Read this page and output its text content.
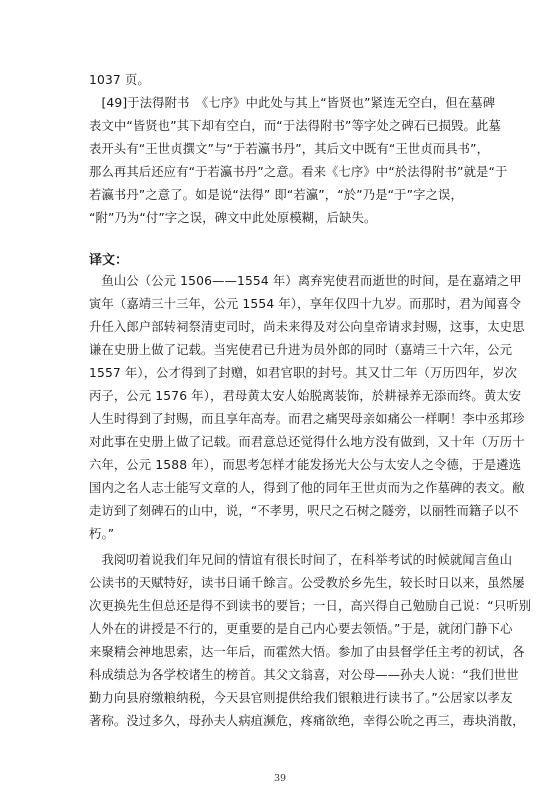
1037 页。
　[49]于法得附书　《七序》中此处与其上“皆贤也”紧连无空白，但在墓碑
表文中“皆贤也”其下却有空白，而“于法得附书”等字处之碑石已损毁。此墓
表开头有“王世贞撰文”与“于若瀛书丹”，其后文中既有“王世贞而具书”，
那么再其后还应有“于若瀛书丹”之意。看来《七序》中“於法得附书”就是“于
若瀛书丹”之意了。如是说“法得” 即“若瀛”，“於”乃是“于”字之误，
“附”乃为“付”字之误，碑文中此处原模糊，后缺失。
译文：
　鱼山公（公元 1506——1554 年）离弃宪使君而逝世的时间，是在嘉靖之甲
寅年（嘉靖三十三年，公元 1554 年），享年仅四十九岁。而那时，君为闻喜令
升任入郎户部转祠祭清吏司时，尚未来得及对公向皇帝请求封赐，这事，太史思
谦在史册上做了记载。当宪使君已升进为员外郎的同时（嘉靖三十六年，公元
1557 年），公才得到了封赠，如君官职的封号。其又廿二年（万历四年，岁次
丙子，公元 1576 年），君母黄太安人始脱离装饰，於耕禄养无添而终。黄太安
人生时得到了封赐，而且享年高寿。而君之痛哭母亲如痛公一样啊！李中丞邦珍
对此事在史册上做了记载。而君意总还觉得什么地方没有做到，又十年（万历十
六年，公元 1588 年），而思考怎样才能发扬光大公与太安人之令德，于是遴选
国内之名人志士能写文章的人，得到了他的同年王世贞而为之作墓碑的表文。敝
走访到了刻碑石的山中，说，“不孝男，呎尺之石树之隧旁，以丽牲而籍子以不
朽。”
　我阅叨着说我们年兄间的情谊有很长时间了，在科举考试的时候就闻言鱼山
公读书的天赋特好，读书日诵千餘言。公受教於乡先生，较长时日以来，虽然屡
次更换先生但总还是得不到读书的要旨；一日，高兴得自己勉励自己说：“只听别
人外在的讲授是不行的，更重要的是自己内心要去领悟。”于是，就闭门静下心
来聚精会神地思索，达一年后，而霍然大悟。参加了由县督学任主考的初试，各
科成绩总为各学校诸生的榜首。其父文翁喜，对公母——孙夫人说：“我们世世
勤力向县府缴粮纳税，今天县官则提供给我们银粮进行读书了。”公居家以孝友
著称。没过多久，母孙夫人病疽濒危，疼痛欲绝，幸得公吮之再三，毒块消散，
39
